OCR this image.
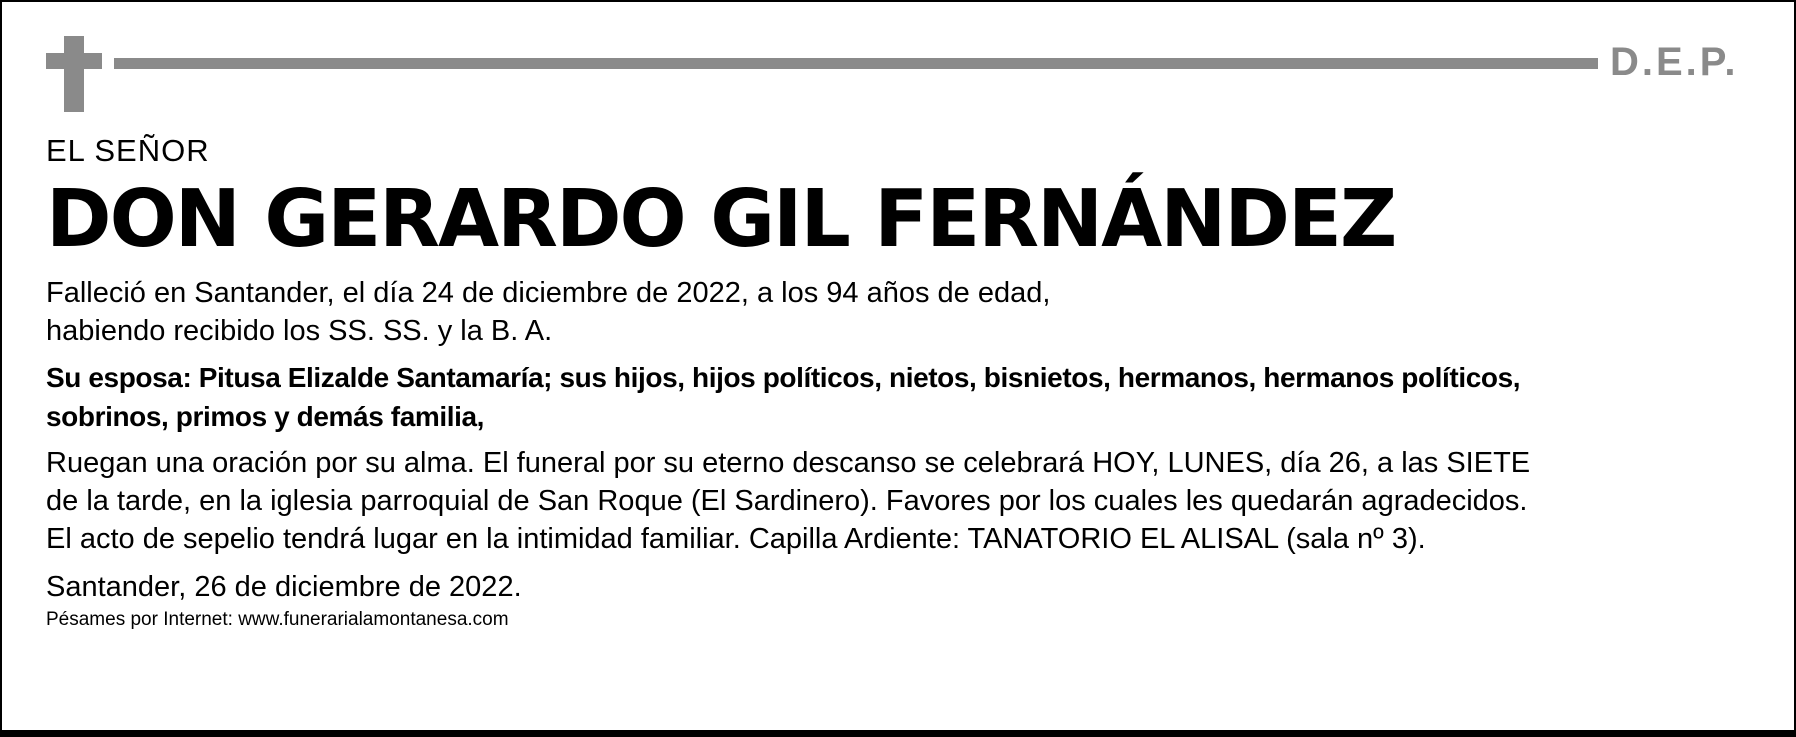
D.E.P.
EL SEÑOR
DON GERARDO GIL FERNÁNDEZ
Falleció en Santander, el día 24 de diciembre de 2022, a los 94 años de edad,
habiendo recibido los SS. SS. y la B. A.
Su esposa: Pitusa Elizalde Santamaría; sus hijos, hijos políticos, nietos, bisnietos, hermanos, hermanos políticos,
sobrinos, primos y demás familia,
Ruegan una oración por su alma. El funeral por su eterno descanso se celebrará HOY, LUNES, día 26, a las SIETE
de la tarde, en la iglesia parroquial de San Roque (El Sardinero). Favores por los cuales les quedarán agradecidos.
El acto de sepelio tendrá lugar en la intimidad familiar. Capilla Ardiente: TANATORIO EL ALISAL (sala nº 3).
Santander, 26 de diciembre de 2022.
Pésames por Internet: www.funerarialamontanesa.com
